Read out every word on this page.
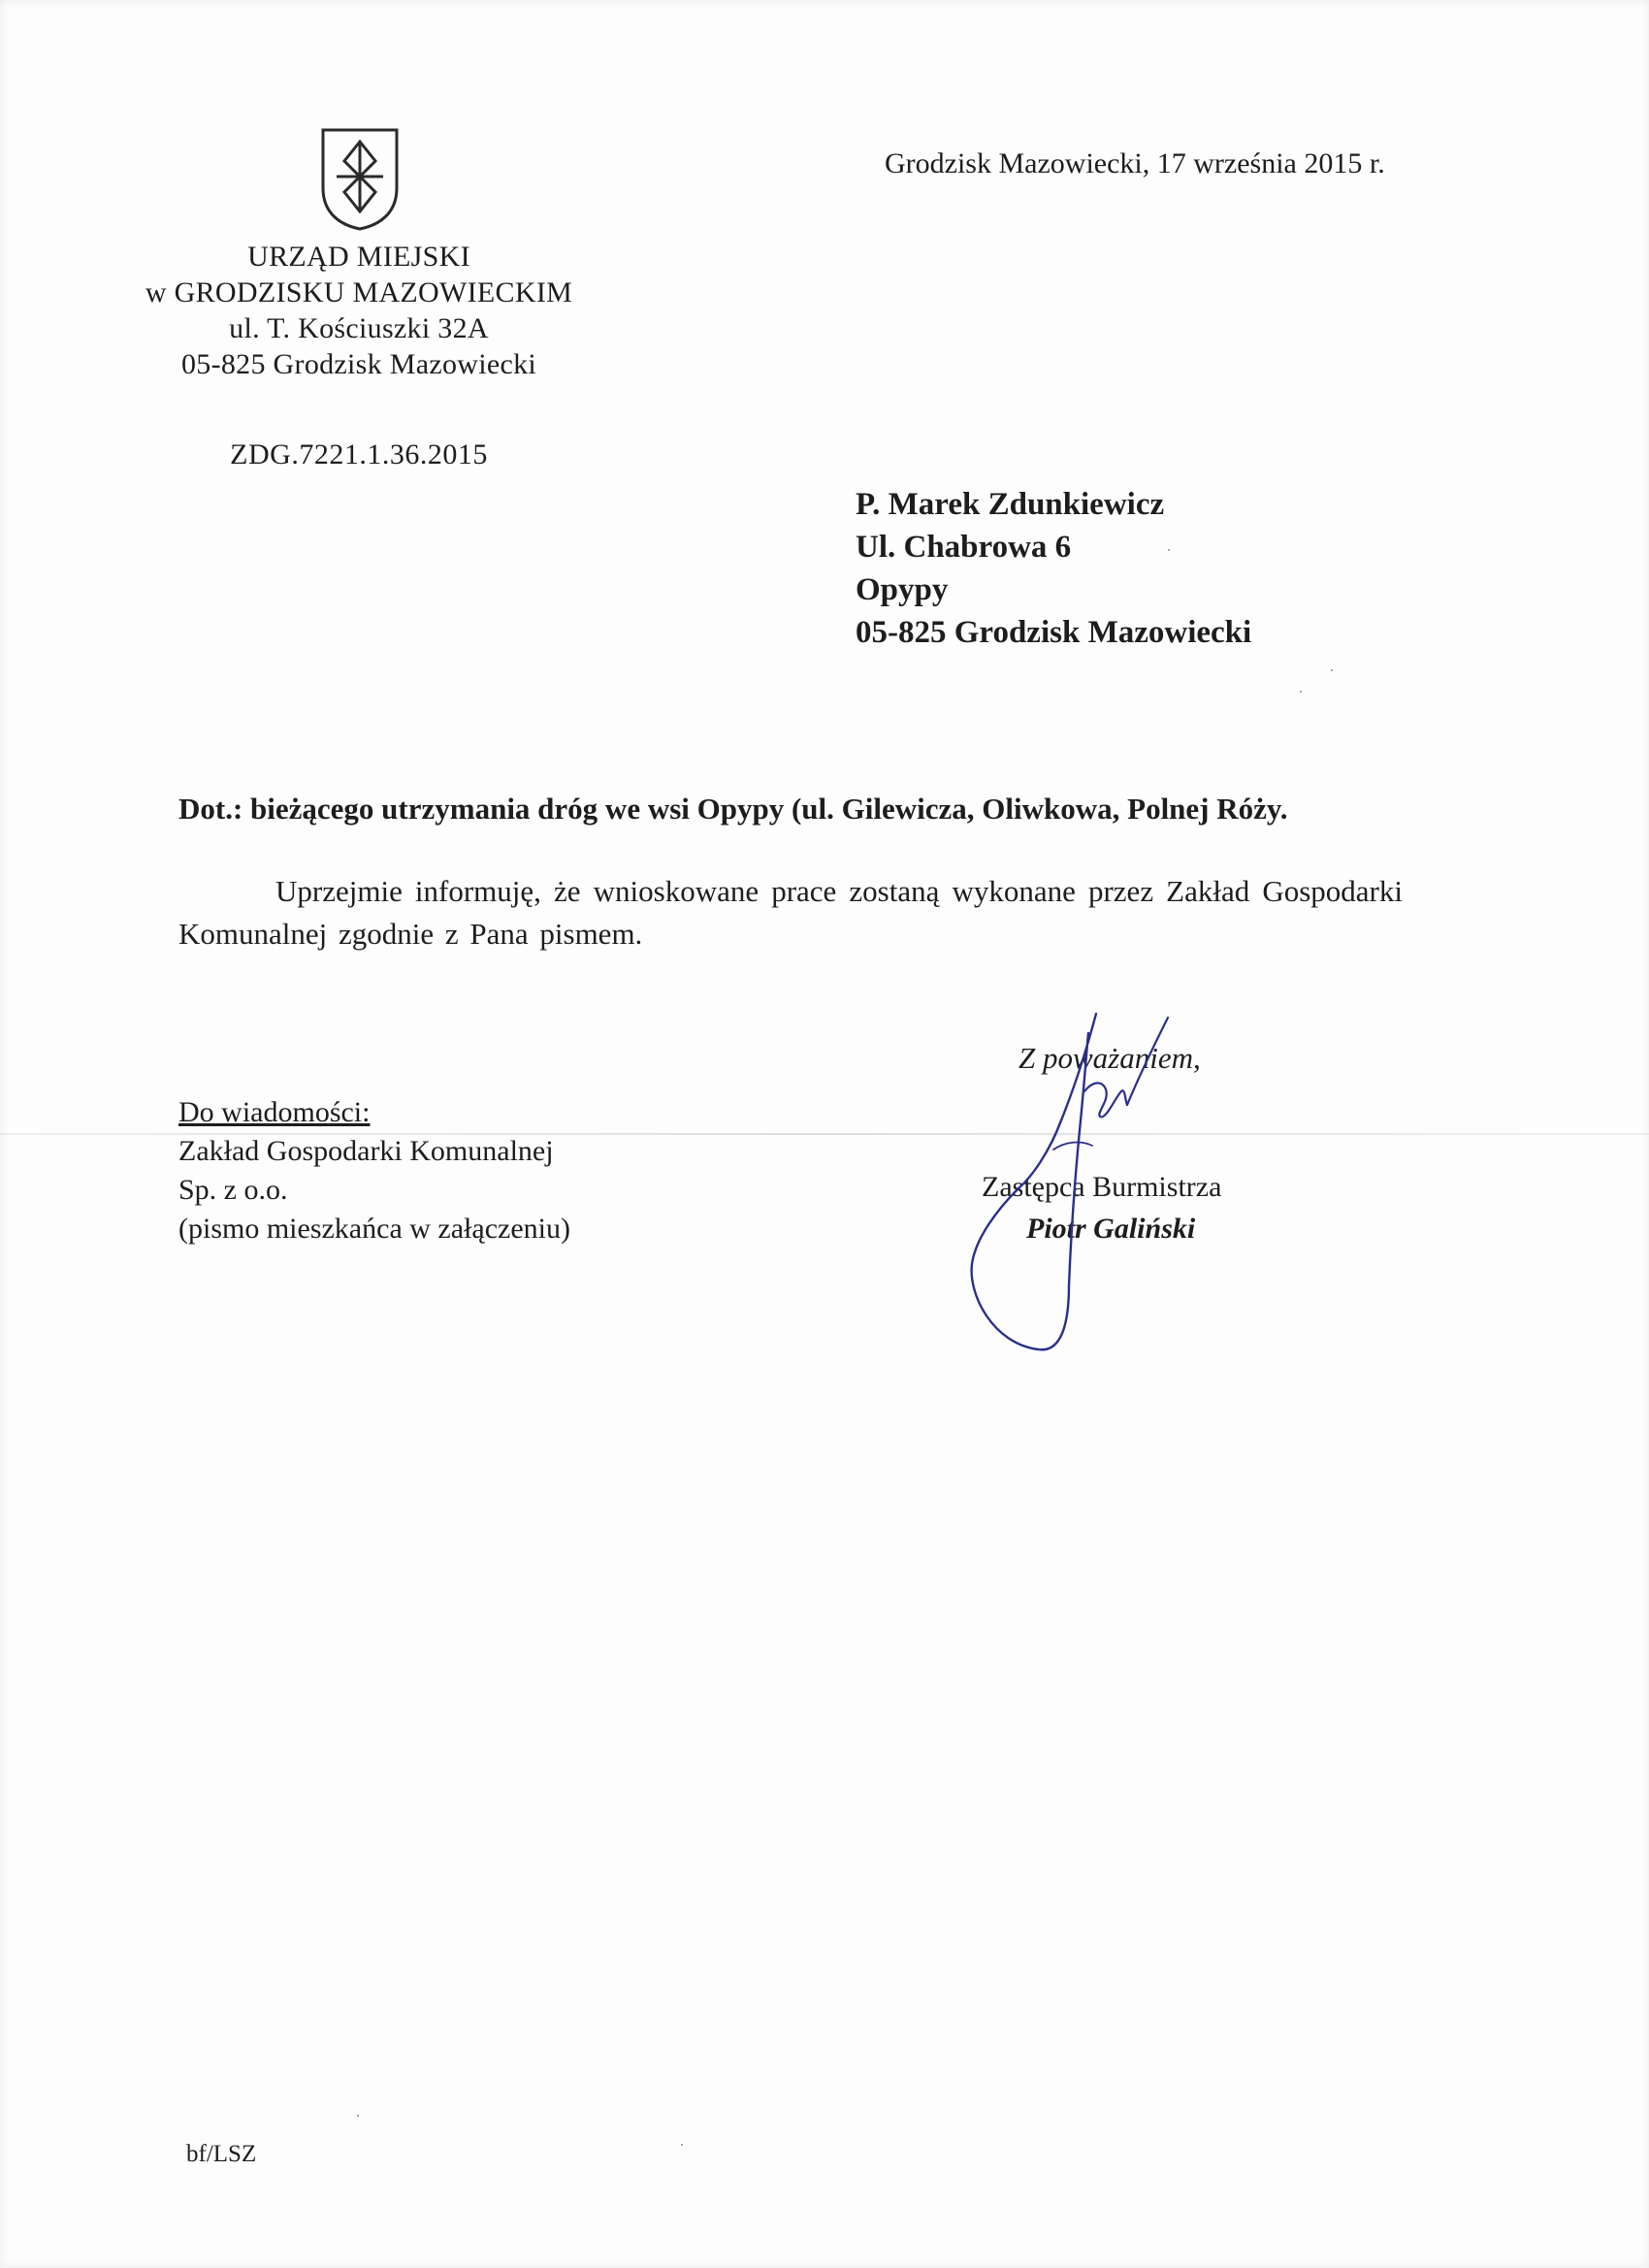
URZĄD MIEJSKI
w GRODZISKU MAZOWIECKIM
ul. T. Kościuszki 32A
05-825 Grodzisk Mazowiecki
ZDG.7221.1.36.2015
Grodzisk Mazowiecki, 17 września 2015 r.
P. Marek Zdunkiewicz
Ul. Chabrowa 6
Opypy
05-825 Grodzisk Mazowiecki
Dot.: bieżącego utrzymania dróg we wsi Opypy (ul. Gilewicza, Oliwkowa, Polnej Róży.
Uprzejmie informuję, że wnioskowane prace zostaną wykonane przez Zakład Gospodarki Komunalnej zgodnie z Pana pismem.
Do wiadomości:
Zakład Gospodarki Komunalnej
Sp. z o.o.
(pismo mieszkańca w załączeniu)
Z poważaniem,
Zastępca Burmistrza
Piotr Galiński
bf/LSZ
